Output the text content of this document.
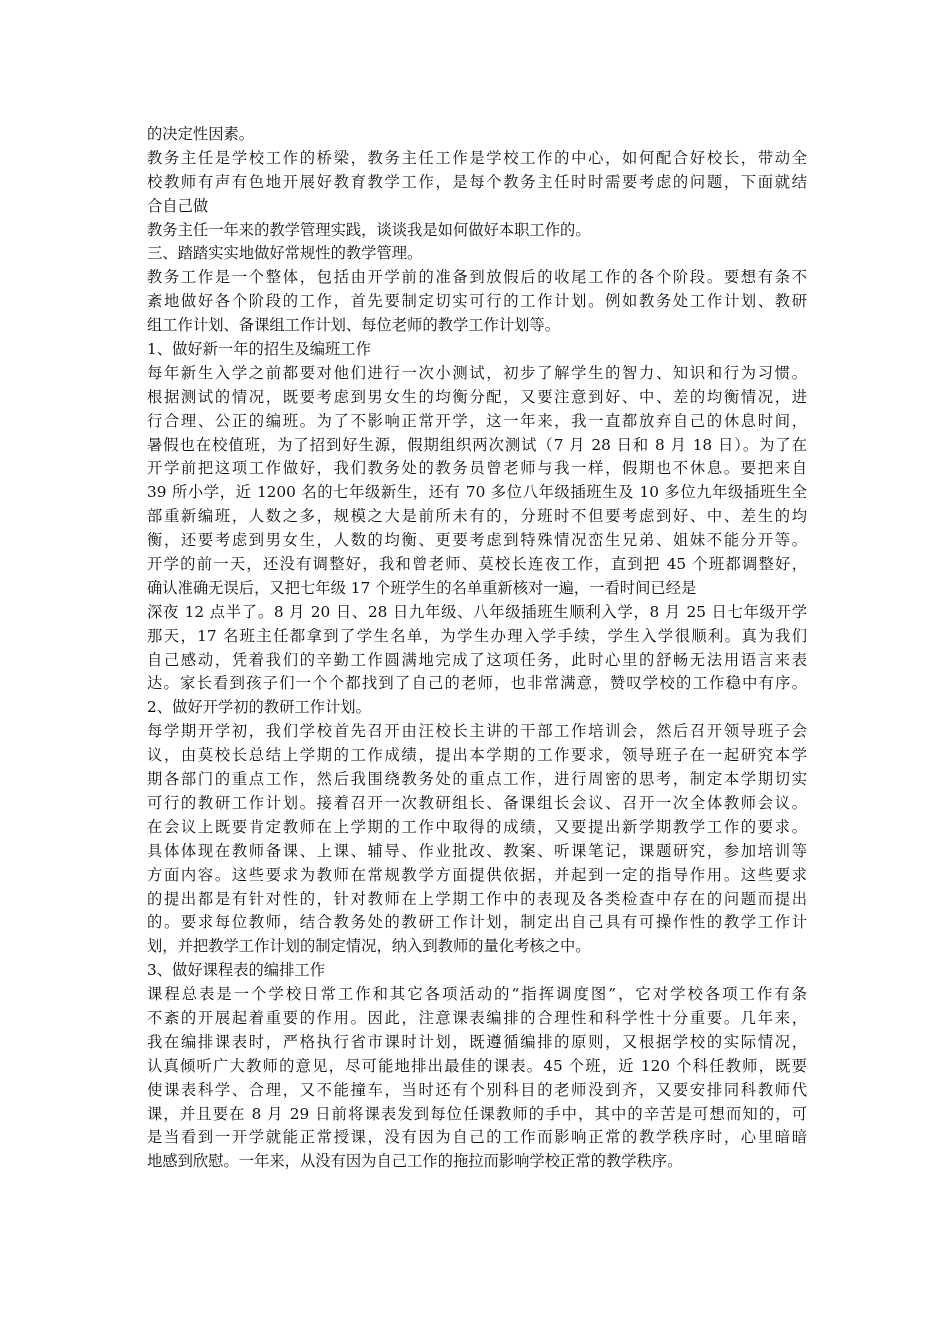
的决定性因素。
教务主任是学校工作的桥梁，教务主任工作是学校工作的中心，如何配合好校长，带动全
校教师有声有色地开展好教育教学工作，是每个教务主任时时需要考虑的问题，下面就结
合自己做
教务主任一年来的教学管理实践，谈谈我是如何做好本职工作的。
三、踏踏实实地做好常规性的教学管理。
教务工作是一个整体，包括由开学前的准备到放假后的收尾工作的各个阶段。要想有条不
紊地做好各个阶段的工作，首先要制定切实可行的工作计划。例如教务处工作计划、教研
组工作计划、备课组工作计划、每位老师的教学工作计划等。
1、做好新一年的招生及编班工作
每年新生入学之前都要对他们进行一次小测试，初步了解学生的智力、知识和行为习惯。
根据测试的情况，既要考虑到男女生的均衡分配，又要注意到好、中、差的均衡情况，进
行合理、公正的编班。为了不影响正常开学，这一年来，我一直都放弃自己的休息时间，
暑假也在校值班，为了招到好生源，假期组织两次测试（7 月 28 日和 8 月 18 日）。为了在
开学前把这项工作做好，我们教务处的教务员曾老师与我一样，假期也不休息。要把来自
39 所小学，近 1200 名的七年级新生，还有 70 多位八年级插班生及 10 多位九年级插班生全
部重新编班，人数之多，规模之大是前所未有的，分班时不但要考虑到好、中、差生的均
衡，还要考虑到男女生，人数的均衡、更要考虑到特殊情况峦生兄弟、姐妹不能分开等。
开学的前一天，还没有调整好，我和曾老师、莫校长连夜工作，直到把 45 个班都调整好，
确认准确无误后，又把七年级 17 个班学生的名单重新核对一遍，一看时间已经是
深夜 12 点半了。8 月 20 日、28 日九年级、八年级插班生顺利入学，8 月 25 日七年级开学
那天，17 名班主任都拿到了学生名单，为学生办理入学手续，学生入学很顺利。真为我们
自己感动，凭着我们的辛勤工作圆满地完成了这项任务，此时心里的舒畅无法用语言来表
达。家长看到孩子们一个个都找到了自己的老师，也非常满意，赞叹学校的工作稳中有序。
2、做好开学初的教研工作计划。
每学期开学初，我们学校首先召开由汪校长主讲的干部工作培训会，然后召开领导班子会
议，由莫校长总结上学期的工作成绩，提出本学期的工作要求，领导班子在一起研究本学
期各部门的重点工作，然后我围绕教务处的重点工作，进行周密的思考，制定本学期切实
可行的教研工作计划。接着召开一次教研组长、备课组长会议、召开一次全体教师会议。
在会议上既要肯定教师在上学期的工作中取得的成绩，又要提出新学期教学工作的要求。
具体体现在教师备课、上课、辅导、作业批改、教案、听课笔记，课题研究，参加培训等
方面内容。这些要求为教师在常规教学方面提供依据，并起到一定的指导作用。这些要求
的提出都是有针对性的，针对教师在上学期工作中的表现及各类检查中存在的问题而提出
的。要求每位教师，结合教务处的教研工作计划，制定出自己具有可操作性的教学工作计
划，并把教学工作计划的制定情况，纳入到教师的量化考核之中。
3、做好课程表的编排工作
课程总表是一个学校日常工作和其它各项活动的“指挥调度图”，它对学校各项工作有条
不紊的开展起着重要的作用。因此，注意课表编排的合理性和科学性十分重要。几年来，
我在编排课表时，严格执行省市课时计划，既遵循编排的原则，又根据学校的实际情况，
认真倾听广大教师的意见，尽可能地排出最佳的课表。45 个班，近 120 个科任教师，既要
使课表科学、合理，又不能撞车，当时还有个别科目的老师没到齐，又要安排同科教师代
课，并且要在 8 月 29 日前将课表发到每位任课教师的手中，其中的辛苦是可想而知的，可
是当看到一开学就能正常授课，没有因为自己的工作而影响正常的教学秩序时，心里暗暗
地感到欣慰。一年来，从没有因为自己工作的拖拉而影响学校正常的教学秩序。
